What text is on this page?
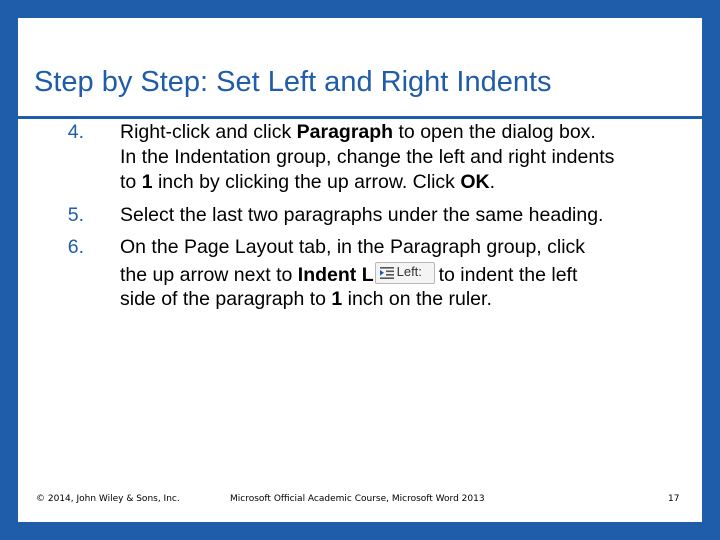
Step by Step: Set Left and Right Indents
4. Right-click and click Paragraph to open the dialog box.
In the Indentation group, change the left and right indents
to 1 inch by clicking the up arrow. Click OK.
5. Select the last two paragraphs under the same heading.
6. On the Page Layout tab, in the Paragraph group, click
the up arrow next to Indent L Left: to indent the left
side of the paragraph to 1 inch on the ruler.
© 2014, John Wiley & Sons, Inc.	Microsoft Official Academic Course, Microsoft Word 2013	17
